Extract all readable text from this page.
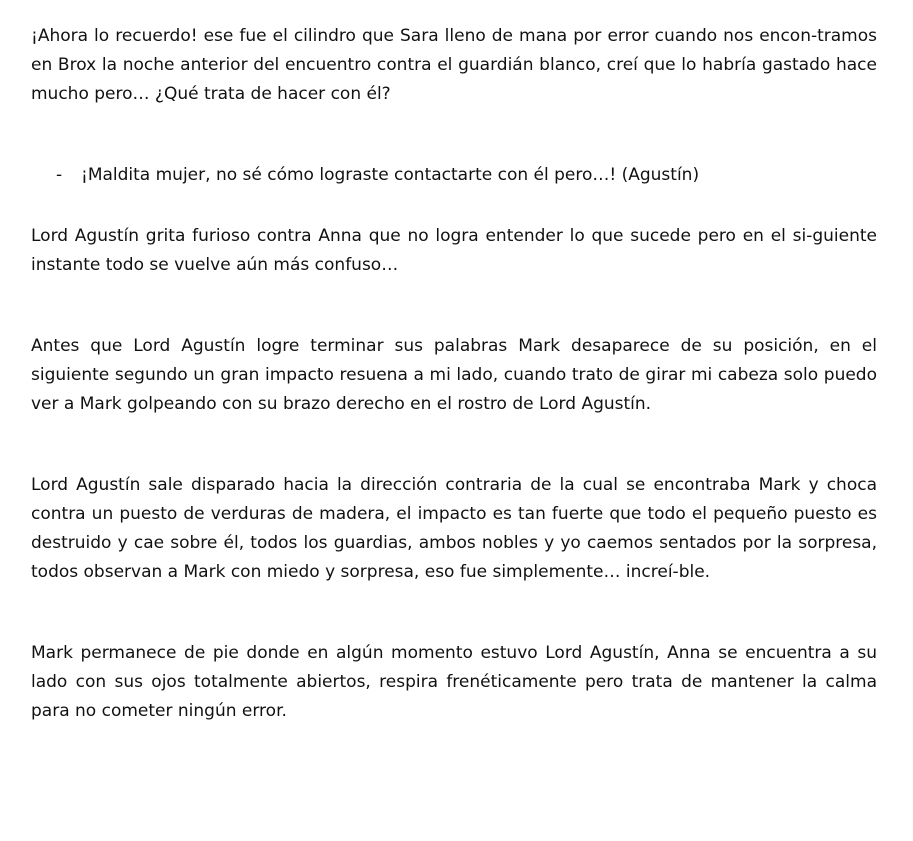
¡Ahora lo recuerdo! ese fue el cilindro que Sara lleno de mana por error cuando nos encon-tramos en Brox la noche anterior del encuentro contra el guardián blanco, creí que lo habría gastado hace mucho pero… ¿Qué trata de hacer con él?

-	¡Maldita mujer, no sé cómo lograste contactarte con él pero…! (Agustín)

Lord Agustín grita furioso contra Anna que no logra entender lo que sucede pero en el si-guiente instante todo se vuelve aún más confuso…

Antes que Lord Agustín logre terminar sus palabras Mark desaparece de su posición, en el siguiente segundo un gran impacto resuena a mi lado, cuando trato de girar mi cabeza solo puedo ver a Mark golpeando con su brazo derecho en el rostro de Lord Agustín.

Lord Agustín sale disparado hacia la dirección contraria de la cual se encontraba Mark y choca contra un puesto de verduras de madera, el impacto es tan fuerte que todo el pequeño puesto es destruido y cae sobre él, todos los guardias, ambos nobles y yo caemos sentados por la sorpresa, todos observan a Mark con miedo y sorpresa, eso fue simplemente… increí-ble.

Mark permanece de pie donde en algún momento estuvo Lord Agustín, Anna se encuentra a su lado con sus ojos totalmente abiertos, respira frenéticamente pero trata de mantener la calma para no cometer ningún error.
